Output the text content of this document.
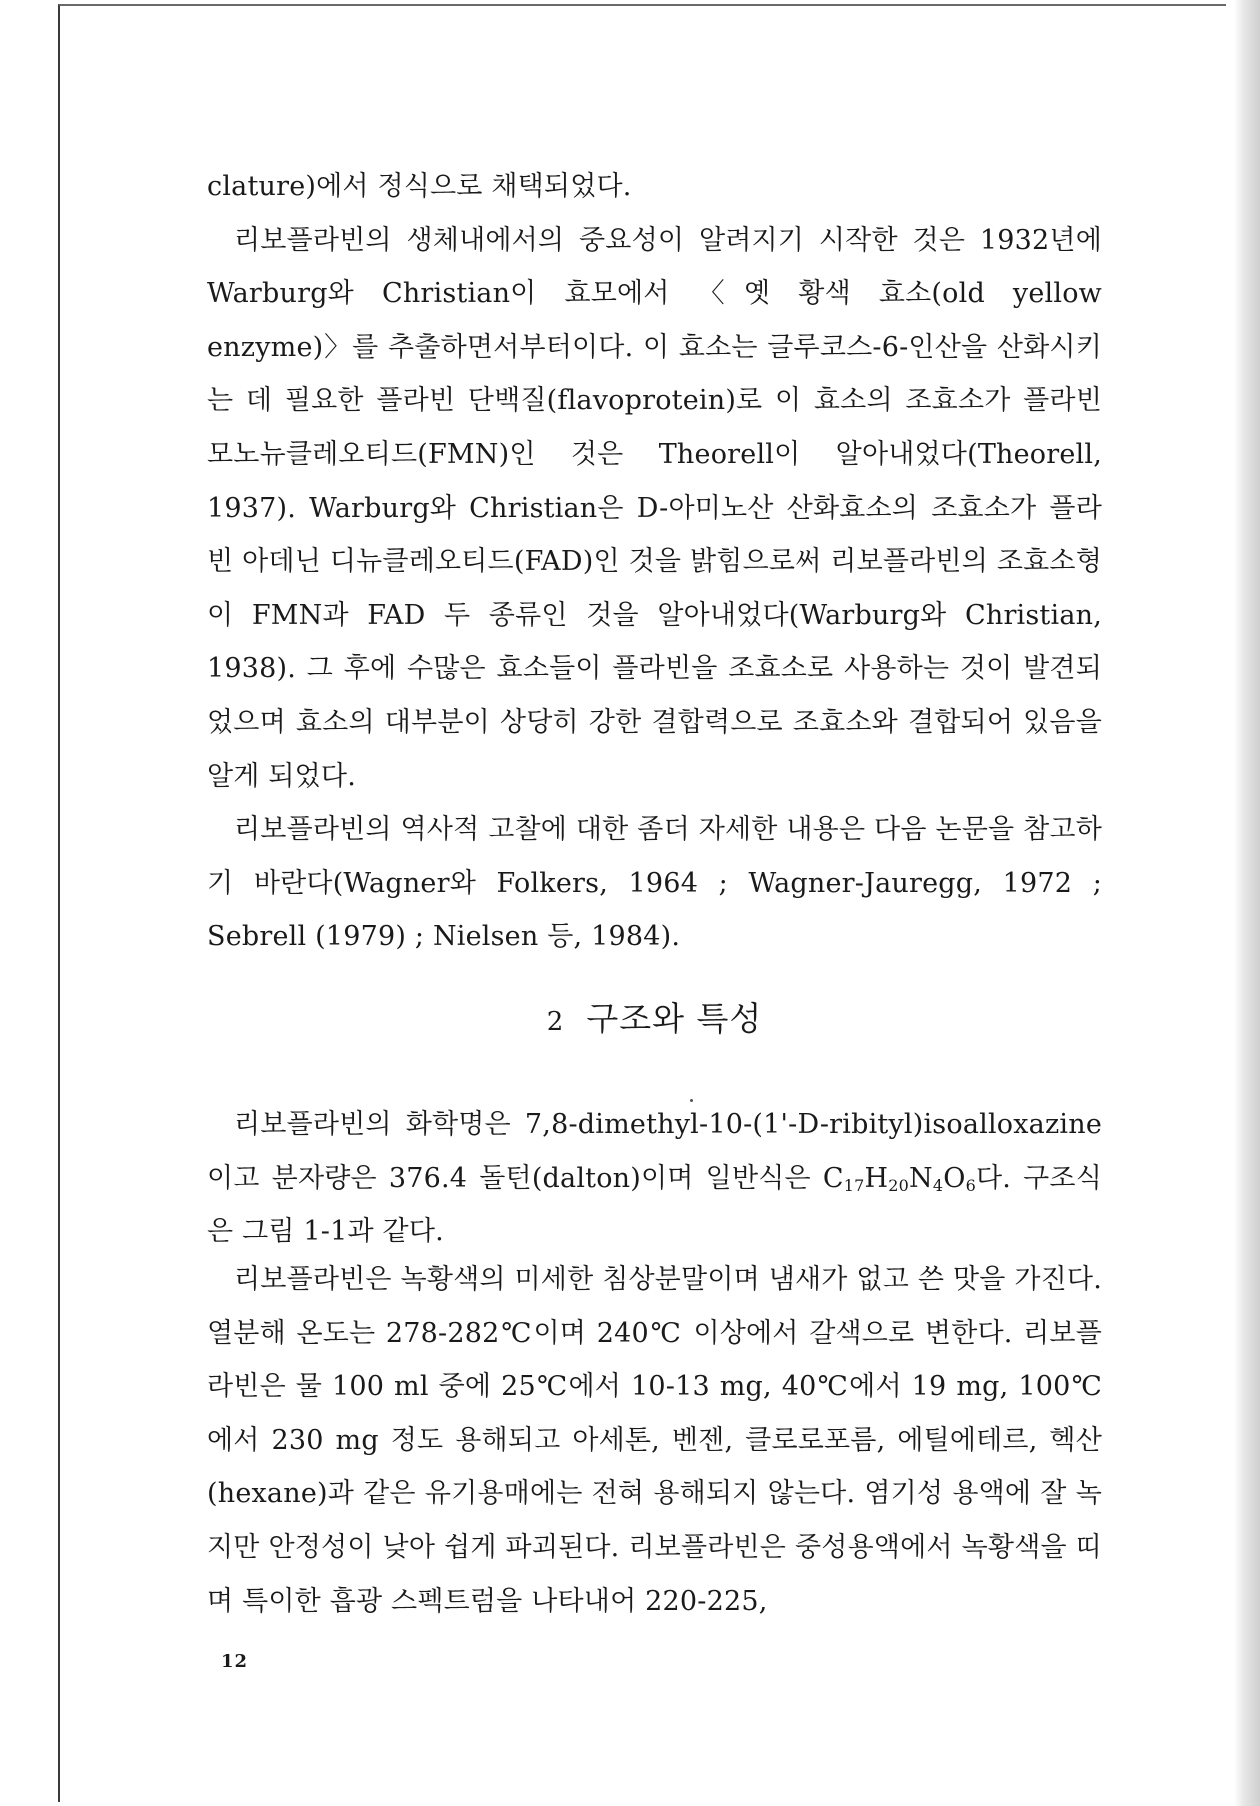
clature)에서 정식으로 채택되었다.

리보플라빈의 생체내에서의 중요성이 알려지기 시작한 것은 1932년에 Warburg와 Christian이 효모에서 〈옛 황색 효소(old yellow enzyme)〉를 추출하면서부터이다. 이 효소는 글루코스-6-인산을 산화시키는 데 필요한 플라빈 단백질(flavoprotein)로 이 효소의 조효소가 플라빈 모노뉴클레오티드(FMN)인 것은 Theorell이 알아내었다(Theorell, 1937). Warburg와 Christian은 D-아미노산 산화효소의 조효소가 플라빈 아데닌 디뉴클레오티드(FAD)인 것을 밝힘으로써 리보플라빈의 조효소형이 FMN과 FAD 두 종류인 것을 알아내었다(Warburg와 Christian, 1938). 그 후에 수많은 효소들이 플라빈을 조효소로 사용하는 것이 발견되었으며 효소의 대부분이 상당히 강한 결합력으로 조효소와 결합되어 있음을 알게 되었다.

리보플라빈의 역사적 고찰에 대한 좀더 자세한 내용은 다음 논문을 참고하기 바란다(Wagner와 Folkers, 1964 ; Wagner-Jauregg, 1972 ; Sebrell (1979) ; Nielsen 등, 1984).

2 구조와 특성

리보플라빈의 화학명은 7,8-dimethyl-10-(1'-D-ribityl)isoalloxazine이고 분자량은 376.4 돌턴(dalton)이며 일반식은 $C_{17}H_{20}N_4O_6$다. 구조식은 그림 1-1과 같다.

리보플라빈은 녹황색의 미세한 침상분말이며 냄새가 없고 쓴 맛을 가진다. 열분해 온도는 278-282℃이며 240℃ 이상에서 갈색으로 변한다. 리보플라빈은 물 100 ml 중에 25℃에서 10-13 mg, 40℃에서 19 mg, 100℃에서 230 mg 정도 용해되고 아세톤, 벤젠, 클로로포름, 에틸에테르, 헥산 (hexane)과 같은 유기용매에는 전혀 용해되지 않는다. 염기성 용액에 잘 녹지만 안정성이 낮아 쉽게 파괴된다. 리보플라빈은 중성용액에서 녹황색을 띠며 특이한 흡광 스펙트럼을 나타내어 220-225,

12
